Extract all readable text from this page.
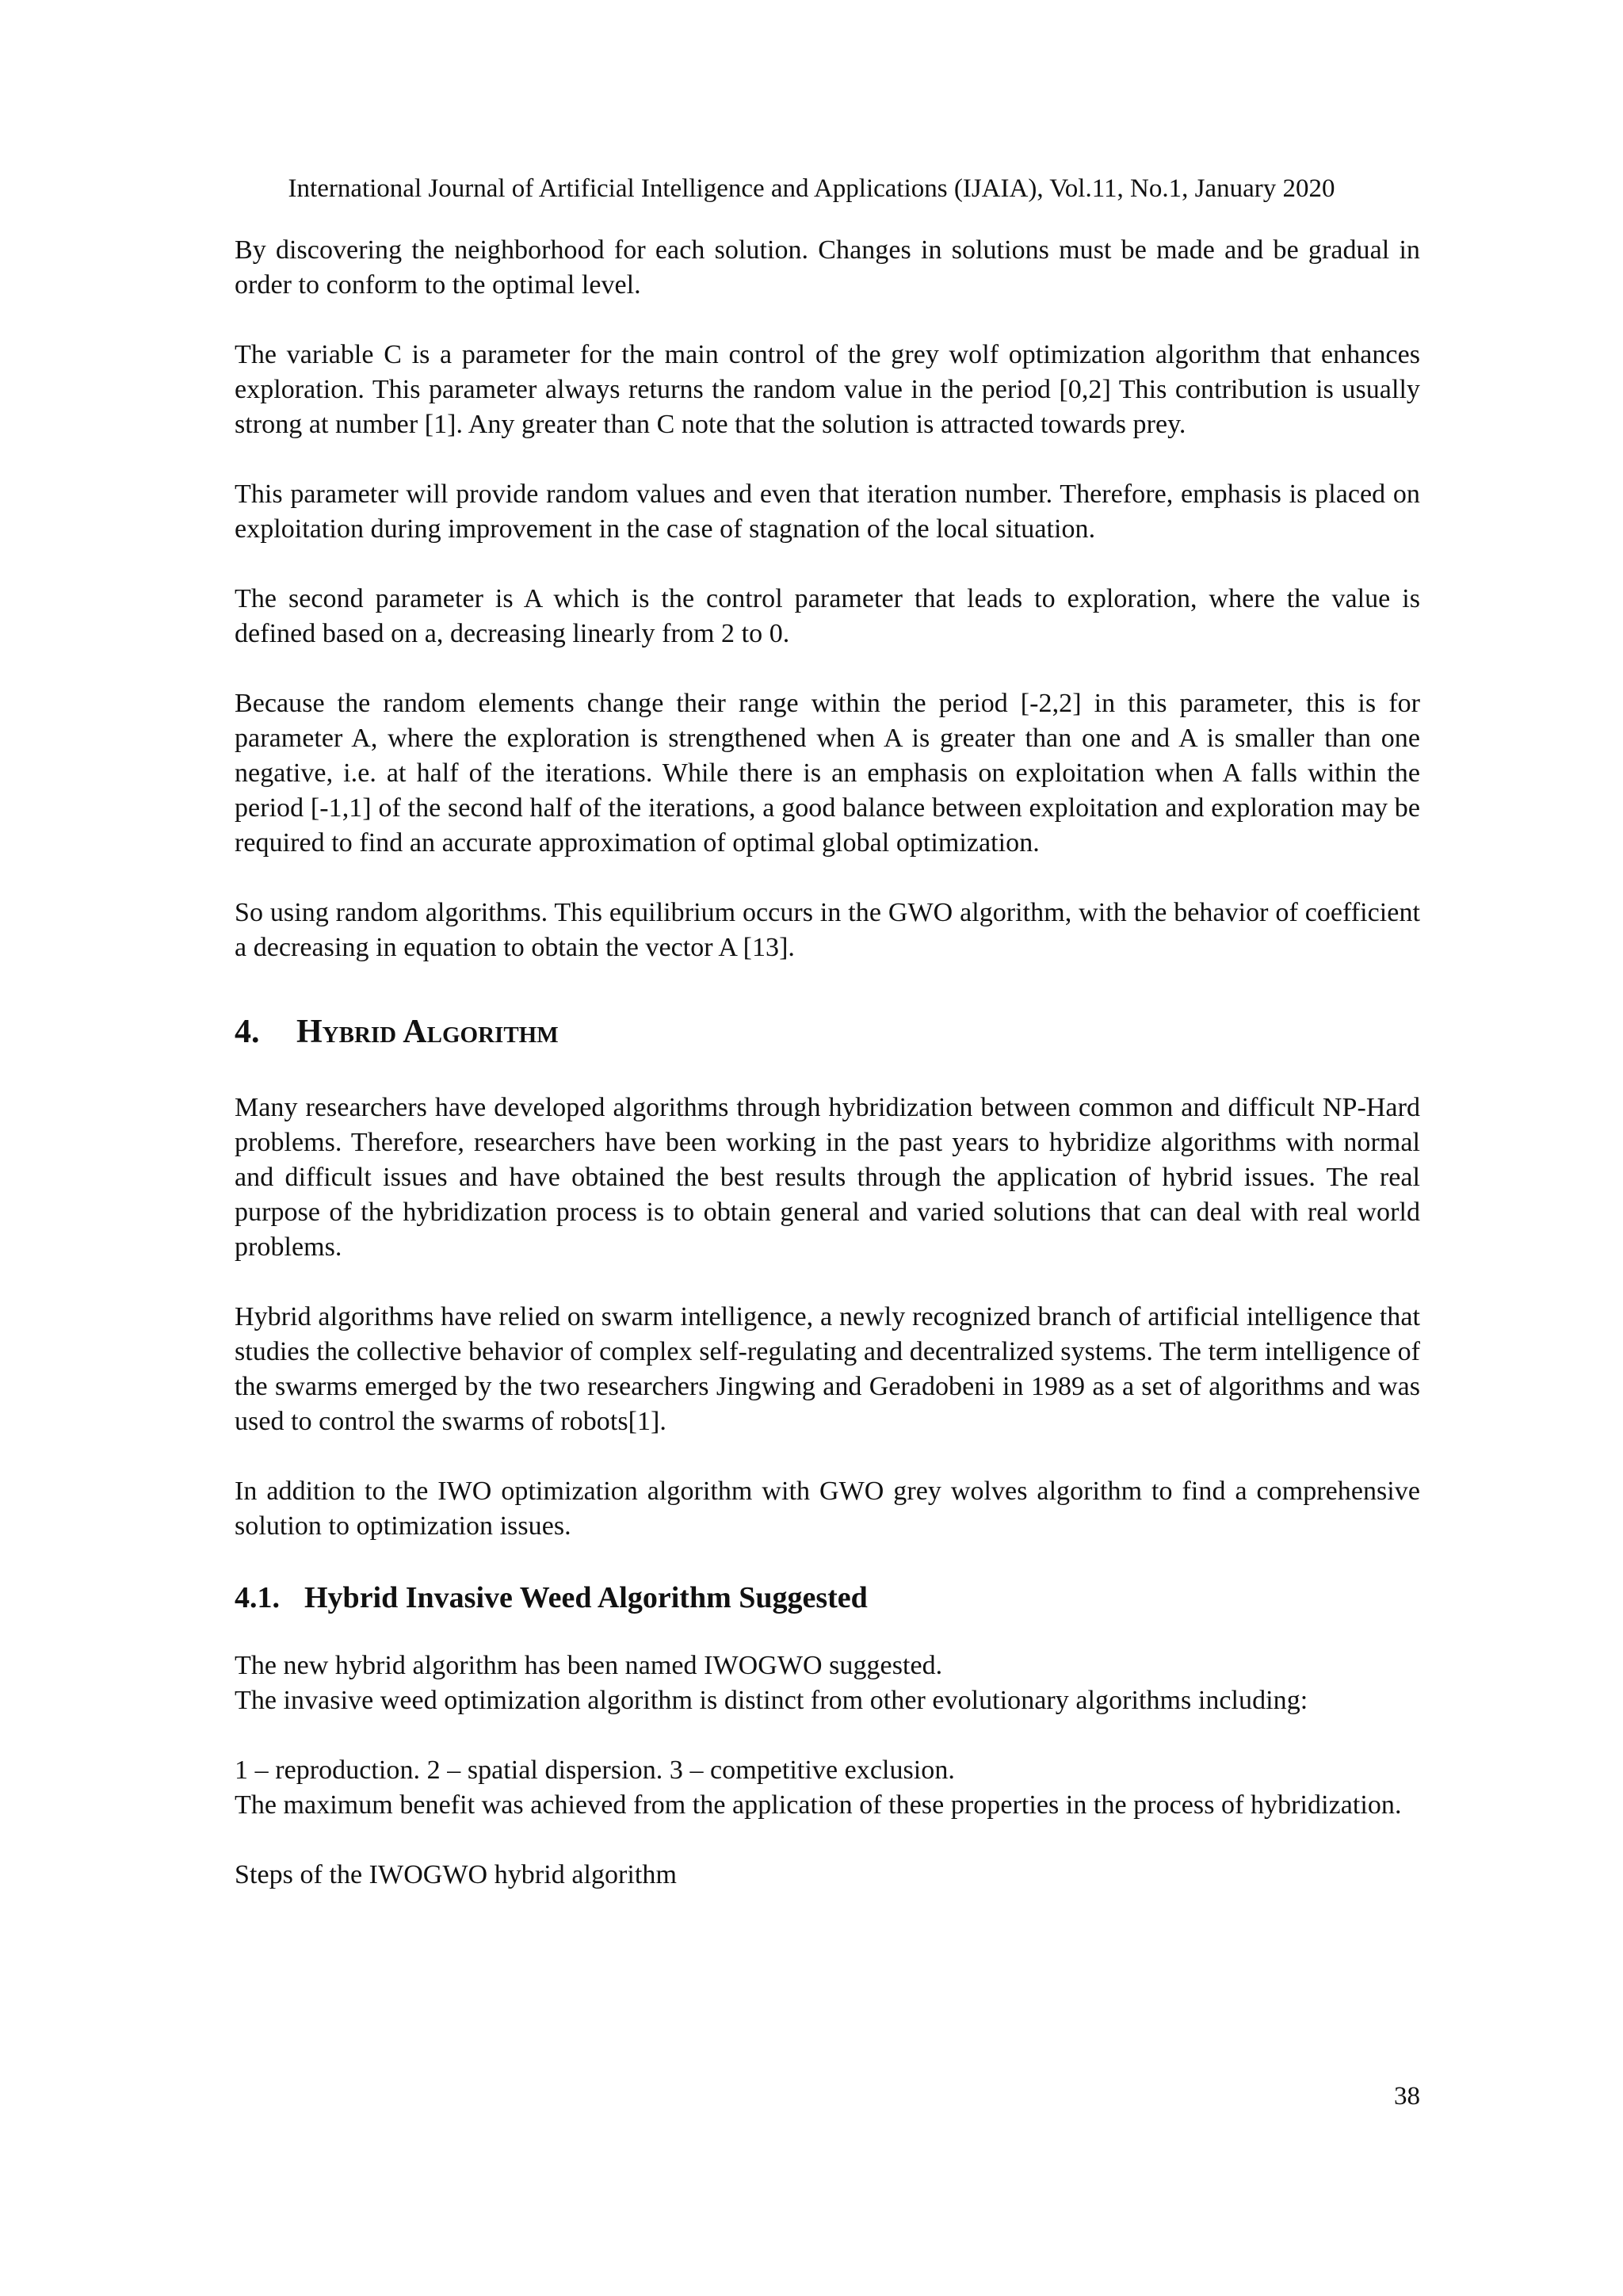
International Journal of Artificial Intelligence and Applications (IJAIA), Vol.11, No.1, January 2020

By discovering the neighborhood for each solution. Changes in solutions must be made and be gradual in order to conform to the optimal level.

The variable C is a parameter for the main control of the grey wolf optimization algorithm that enhances exploration. This parameter always returns the random value in the period [0,2] This contribution is usually strong at number [1]. Any greater than C note that the solution is attracted towards prey.

This parameter will provide random values and even that iteration number. Therefore, emphasis is placed on exploitation during improvement in the case of stagnation of the local situation.

The second parameter is A which is the control parameter that leads to exploration, where the value is defined based on a, decreasing linearly from 2 to 0.

Because the random elements change their range within the period [-2,2] in this parameter, this is for parameter A, where the exploration is strengthened when A is greater than one and A is smaller than one negative, i.e. at half of the iterations. While there is an emphasis on exploitation when A falls within the period [-1,1] of the second half of the iterations, a good balance between exploitation and exploration may be required to find an accurate approximation of optimal global optimization.

So using random algorithms. This equilibrium occurs in the GWO algorithm, with the behavior of coefficient a decreasing in equation to obtain the vector A [13].

4. Hybrid Algorithm

Many researchers have developed algorithms through hybridization between common and difficult NP-Hard problems. Therefore, researchers have been working in the past years to hybridize algorithms with normal and difficult issues and have obtained the best results through the application of hybrid issues. The real purpose of the hybridization process is to obtain general and varied solutions that can deal with real world problems.

Hybrid algorithms have relied on swarm intelligence, a newly recognized branch of artificial intelligence that studies the collective behavior of complex self-regulating and decentralized systems. The term intelligence of the swarms emerged by the two researchers Jingwing and Geradobeni in 1989 as a set of algorithms and was used to control the swarms of robots[1].

In addition to the IWO optimization algorithm with GWO grey wolves algorithm to find a comprehensive solution to optimization issues.

4.1. Hybrid Invasive Weed Algorithm Suggested

The new hybrid algorithm has been named IWOGWO suggested.

The invasive weed optimization algorithm is distinct from other evolutionary algorithms including:

1 – reproduction. 2 – spatial dispersion. 3 – competitive exclusion.

The maximum benefit was achieved from the application of these properties in the process of hybridization.

Steps of the IWOGWO hybrid algorithm

38
